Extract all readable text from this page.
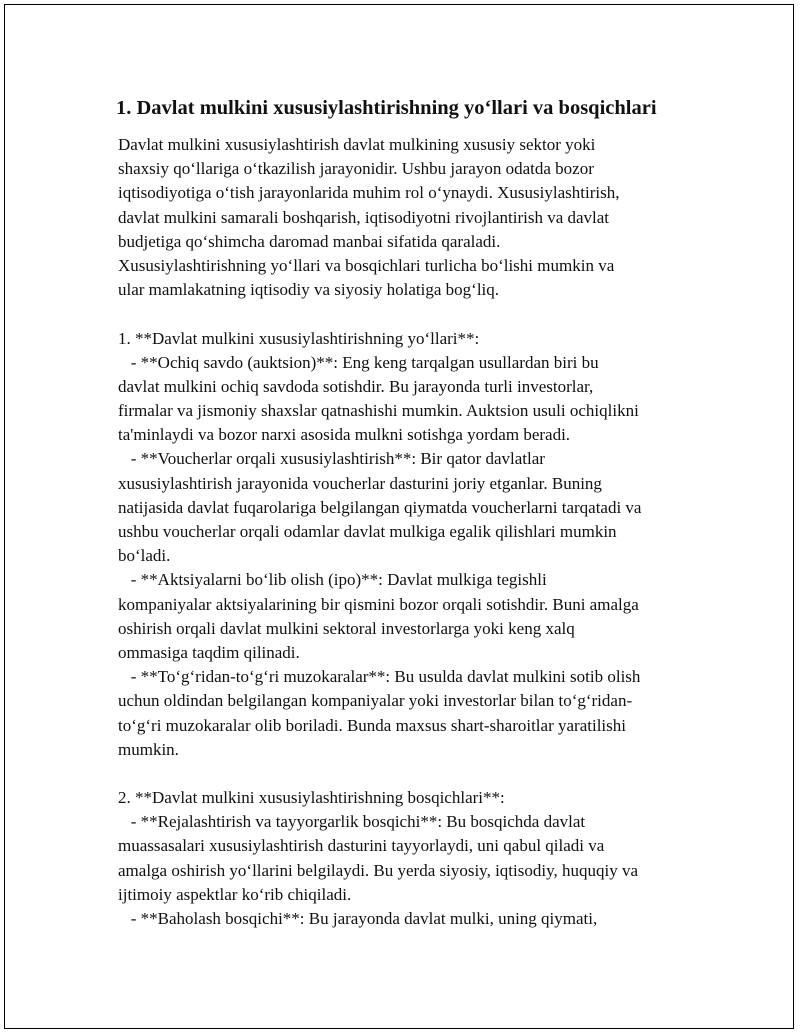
1. Davlat mulkini xususiylashtirishning yo‘llari va bosqichlari
Davlat mulkini xususiylashtirish davlat mulkining xususiy sektor yoki
shaxsiy qo‘llariga o‘tkazilish jarayonidir. Ushbu jarayon odatda bozor
iqtisodiyotiga o‘tish jarayonlarida muhim rol o‘ynaydi. Xususiylashtirish,
davlat mulkini samarali boshqarish, iqtisodiyotni rivojlantirish va davlat
budjetiga qo‘shimcha daromad manbai sifatida qaraladi.
Xususiylashtirishning yo‘llari va bosqichlari turlicha bo‘lishi mumkin va
ular mamlakatning iqtisodiy va siyosiy holatiga bog‘liq.
1. **Davlat mulkini xususiylashtirishning yo‘llari**:
- **Ochiq savdo (auktsion)**: Eng keng tarqalgan usullardan biri bu
davlat mulkini ochiq savdoda sotishdir. Bu jarayonda turli investorlar,
firmalar va jismoniy shaxslar qatnashishi mumkin. Auktsion usuli ochiqlikni
ta'minlaydi va bozor narxi asosida mulkni sotishga yordam beradi.
- **Voucherlar orqali xususiylashtirish**: Bir qator davlatlar
xususiylashtirish jarayonida voucherlar dasturini joriy etganlar. Buning
natijasida davlat fuqarolariga belgilangan qiymatda voucherlarni tarqatadi va
ushbu voucherlar orqali odamlar davlat mulkiga egalik qilishlari mumkin
bo‘ladi.
- **Aktsiyalarni bo‘lib olish (ipo)**: Davlat mulkiga tegishli
kompaniyalar aktsiyalarining bir qismini bozor orqali sotishdir. Buni amalga
oshirish orqali davlat mulkini sektoral investorlarga yoki keng xalq
ommasiga taqdim qilinadi.
- **To‘g‘ridan-to‘g‘ri muzokaralar**: Bu usulda davlat mulkini sotib olish
uchun oldindan belgilangan kompaniyalar yoki investorlar bilan to‘g‘ridan-
to‘g‘ri muzokaralar olib boriladi. Bunda maxsus shart-sharoitlar yaratilishi
mumkin.
2. **Davlat mulkini xususiylashtirishning bosqichlari**:
- **Rejalashtirish va tayyorgarlik bosqichi**: Bu bosqichda davlat
muassasalari xususiylashtirish dasturini tayyorlaydi, uni qabul qiladi va
amalga oshirish yo‘llarini belgilaydi. Bu yerda siyosiy, iqtisodiy, huquqiy va
ijtimoiy aspektlar ko‘rib chiqiladi.
- **Baholash bosqichi**: Bu jarayonda davlat mulki, uning qiymati,
